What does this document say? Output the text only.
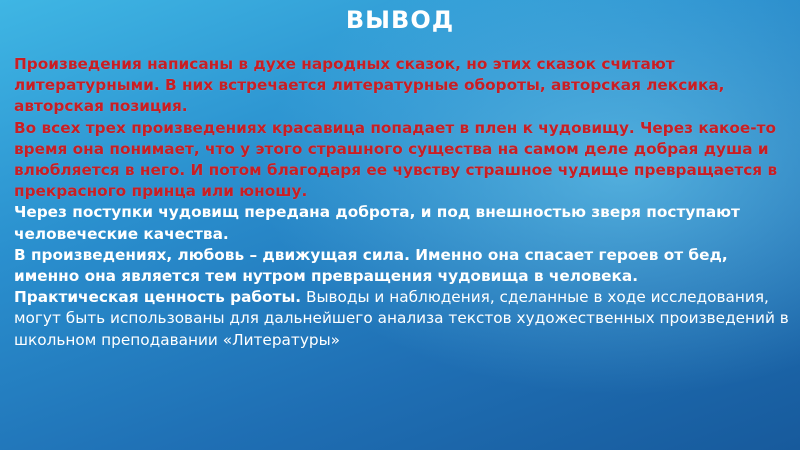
ВЫВОД

Произведения написаны в духе народных сказок, но этих сказок считают литературными. В них встречается литературные обороты, авторская лексика, авторская позиция.

Во всех трех произведениях красавица попадает в плен к чудовищу. Через какое-то время она понимает, что у этого страшного существа на самом деле добрая душа и влюбляется в него. И потом благодаря ее чувству страшное чудище превращается в прекрасного принца или юношу.

Через поступки чудовищ передана доброта, и под внешностью зверя поступают человеческие качества.

В произведениях, любовь – движущая сила. Именно она спасает героев от бед, именно она является тем нутром превращения чудовища в человека.

Практическая ценность работы. Выводы и наблюдения, сделанные в ходе исследования, могут быть использованы для дальнейшего анализа текстов художественных произведений в школьном преподавании «Литературы»
